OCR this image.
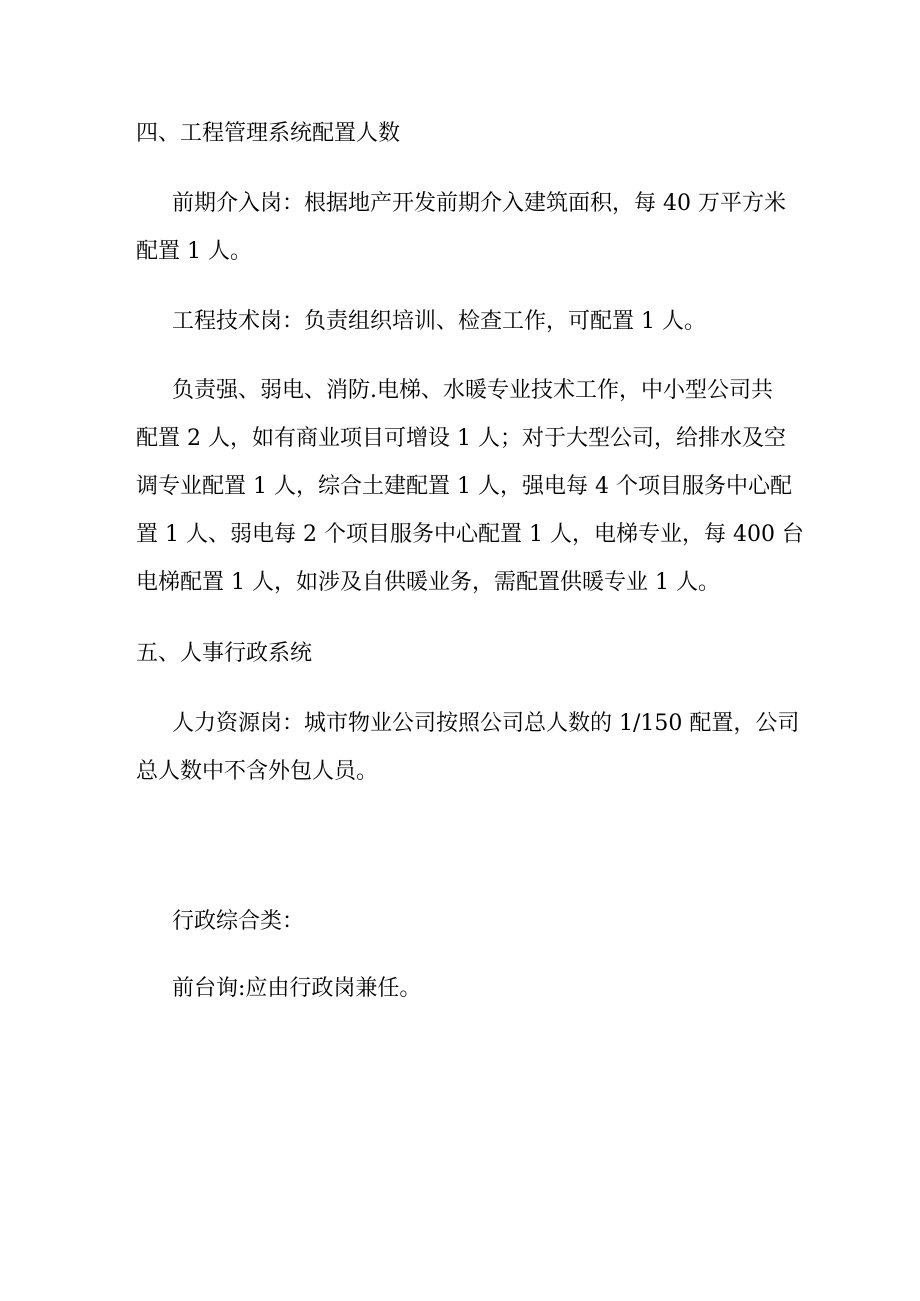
四、工程管理系统配置人数
前期介入岗：根据地产开发前期介入建筑面积，每 40 万平方米
配置 1 人。
工程技术岗：负责组织培训、检查工作，可配置 1 人。
负责强、弱电、消防.电梯、水暖专业技术工作，中小型公司共
配置 2 人，如有商业项目可增设 1 人；对于大型公司，给排水及空
调专业配置 1 人，综合土建配置 1 人，强电每 4 个项目服务中心配
置 1 人、弱电每 2 个项目服务中心配置 1 人，电梯专业，每 400 台
电梯配置 1 人，如涉及自供暖业务，需配置供暖专业 1 人。
五、人事行政系统
人力资源岗：城市物业公司按照公司总人数的 1/150 配置，公司
总人数中不含外包人员。
行政综合类：
前台询:应由行政岗兼任。
